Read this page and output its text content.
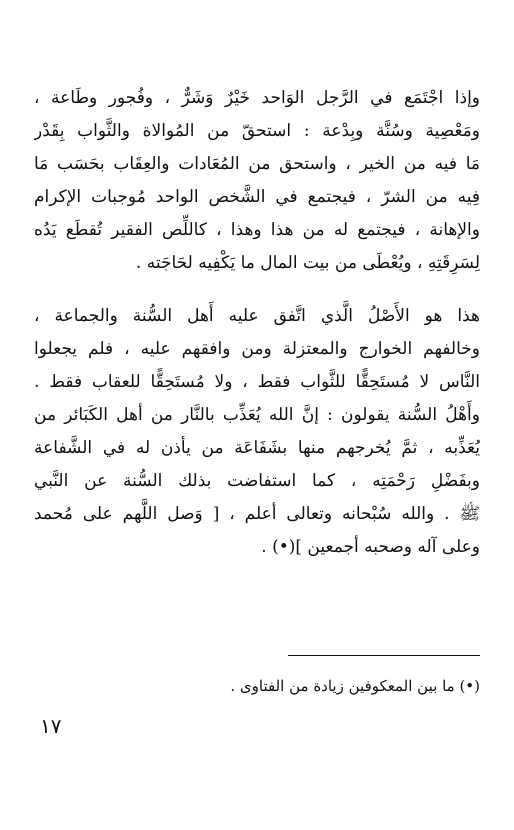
وإذا اجْتَمَع في الرَّجل الوَاحد خَيْرٌ وَشَرٌّ ، وفُجور وطَاعة ،
ومَعْصِية وسُنَّة وبِدْعة : استحقّ من المُوالاة والثَّواب بِقَدْر
مَا فيه من الخير ، واستحق من المُعَادات والعِقَاب بحَسَب مَا
فِيه من الشرّ ، فيجتمع في الشَّخص الواحد مُوجبات الإكرام
والإهانة ، فيجتمع له من هذا وهذا ، كاللِّص الفقير تُقطَع يَدُه
لِسَرِقَتِهِ ، ويُعْطَى من بيت المال ما يَكْفِيه لحَاجَته .
هذا هو الأَصْلُ الَّذي اتَّفق عليه أَهل السُّنة والجماعة ،
وخالفهم الخوارج والمعتزلة ومن وافقهم عليه ، فلم يجعلوا
النَّاس لا مُستَحِقًّا للثَّواب فقط ، ولا مُستَحِقًّا للعقاب فقط .
وأَهْلُ السُّنة يقولون : إنَّ الله يُعَذِّب بالنَّار من أهل الكَبَائر من
يُعَذِّبه ، ثمَّ يُخرجهم منها بشَفَاعَة من يأذن له في الشَّفاعة
وبفَضْلِ رَحْمَتِه ، كما استفاضت بذلك السُّنة عن النَّبي
ﷺ . والله سُبْحانه وتعالى أعلم ، [ وَصل اللَّهم على مُحمد
وعلى آله وصحبه أجمعين ](•) .
(•) ما بين المعكوفين زيادة من الفتاوى .
١٧
